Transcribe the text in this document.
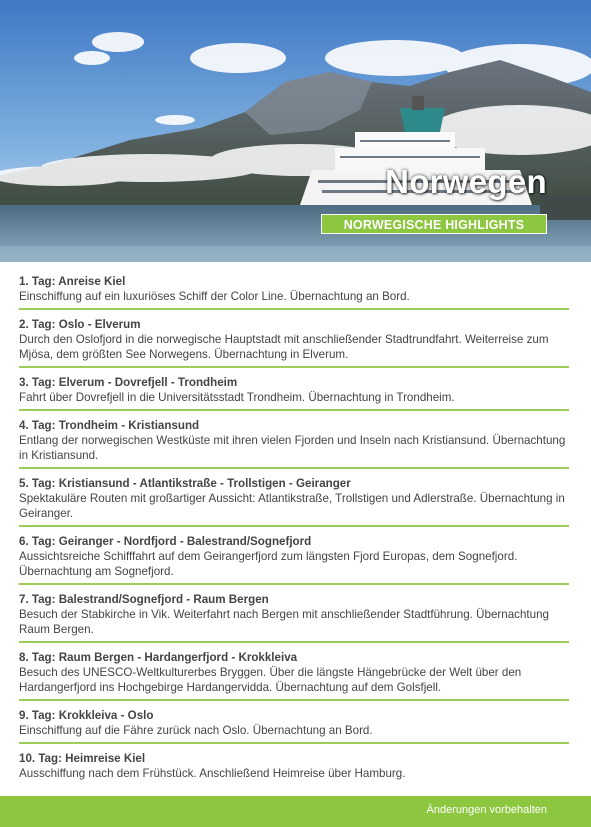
Norwegen
NORWEGISCHE HIGHLIGHTS
1. Tag: Anreise Kiel
Einschiffung auf ein luxuriöses Schiff der Color Line. Übernachtung an Bord.
2. Tag: Oslo - Elverum
Durch den Oslofjord in die norwegische Hauptstadt mit anschließender Stadtrundfahrt. Weiterreise zum Mjösa, dem größten See Norwegens. Übernachtung in Elverum.
3. Tag: Elverum - Dovrefjell - Trondheim
Fahrt über Dovrefjell in die Universitätsstadt Trondheim. Übernachtung in Trondheim.
4. Tag: Trondheim - Kristiansund
Entlang der norwegischen Westküste mit ihren vielen Fjorden und Inseln nach Kristiansund. Übernachtung in Kristiansund.
5. Tag: Kristiansund - Atlantikstraße - Trollstigen - Geiranger
Spektakuläre Routen mit großartiger Aussicht: Atlantikstraße, Trollstigen und Adlerstraße. Übernachtung in Geiranger.
6. Tag: Geiranger - Nordfjord - Balestrand/Sognefjord
Aussichtsreiche Schifffahrt auf dem Geirangerfjord zum längsten Fjord Europas, dem Sognefjord. Übernachtung am Sognefjord.
7. Tag: Balestrand/Sognefjord - Raum Bergen
Besuch der Stabkirche in Vik. Weiterfahrt nach Bergen mit anschließender Stadtführung. Übernachtung Raum Bergen.
8. Tag: Raum Bergen - Hardangerfjord - Krokkleiva
Besuch des UNESCO-Weltkulturerbes Bryggen. Über die längste Hängebrücke der Welt über den Hardangerfjord ins Hochgebirge Hardangervidda. Übernachtung auf dem Golsfjell.
9. Tag: Krokkleiva - Oslo
Einschiffung auf die Fähre zurück nach Oslo. Übernachtung an Bord.
10. Tag: Heimreise Kiel
Ausschiffung nach dem Frühstück. Anschließend Heimreise über Hamburg.
Änderungen vorbehalten
